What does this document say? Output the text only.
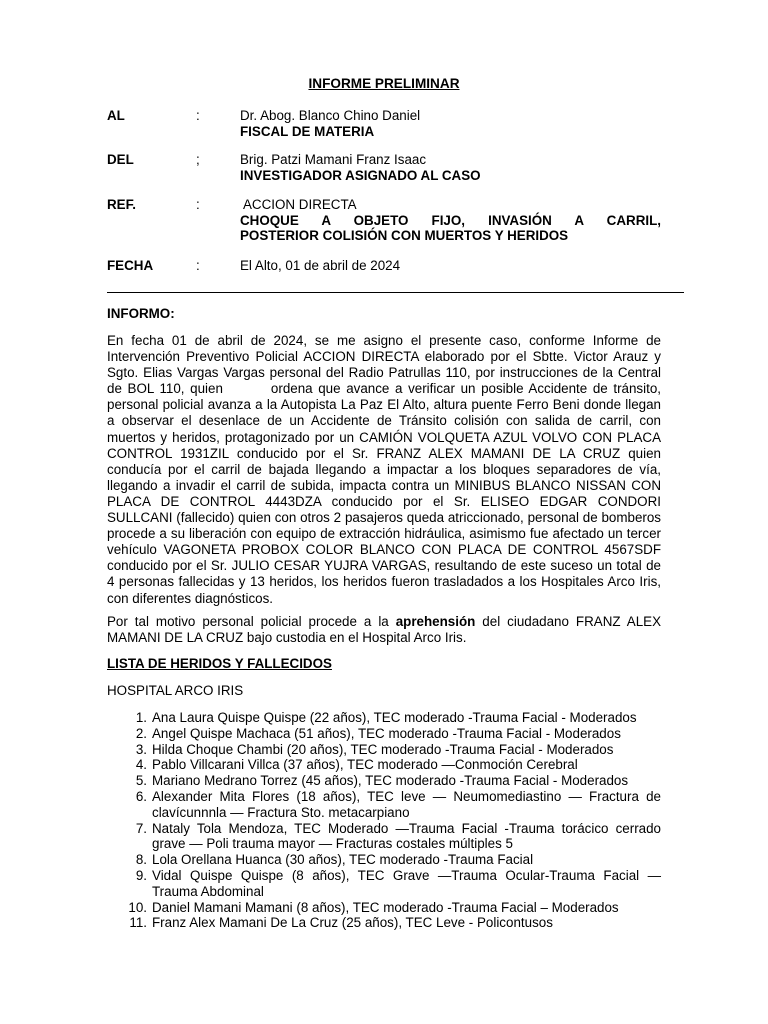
INFORME PRELIMINAR
AL	:	Dr. Abog. Blanco Chino Daniel
FISCAL DE MATERIA
DEL	;	Brig. Patzi Mamani Franz Isaac
INVESTIGADOR ASIGNADO AL CASO
REF.	:	ACCION DIRECTA
CHOQUE A OBJETO FIJO, INVASIÓN A CARRIL,
POSTERIOR COLISIÓN CON MUERTOS Y HERIDOS
FECHA	:	El Alto, 01 de abril de 2024
INFORMO:
En fecha 01 de abril de 2024, se me asigno el presente caso, conforme Informe de Intervención Preventivo Policial ACCION DIRECTA elaborado por el Sbtte. Victor Arauz y Sgto. Elias Vargas Vargas personal del Radio Patrullas 110, por instrucciones de la Central de BOL 110, quien	ordena que avance a verificar un posible Accidente de tránsito, personal policial avanza a la Autopista La Paz El Alto, altura puente Ferro Beni donde llegan a observar el desenlace de un Accidente de Tránsito colisión con salida de carril, con muertos y heridos, protagonizado por un CAMIÓN VOLQUETA AZUL VOLVO CON PLACA CONTROL 1931ZIL conducido por el Sr. FRANZ ALEX MAMANI DE LA CRUZ quien conducía por el carril de bajada llegando a impactar a los bloques separadores de vía, llegando a invadir el carril de subida, impacta contra un MINIBUS BLANCO NISSAN CON PLACA DE CONTROL 4443DZA conducido por el Sr. ELISEO EDGAR CONDORI SULLCANI (fallecido) quien con otros 2 pasajeros queda atriccionado, personal de bomberos procede a su liberación con equipo de extracción hidráulica, asimismo fue afectado un tercer vehículo VAGONETA PROBOX COLOR BLANCO CON PLACA DE CONTROL 4567SDF conducido por el Sr. JULIO CESAR YUJRA VARGAS, resultando de este suceso un total de 4 personas fallecidas y 13 heridos, los heridos fueron trasladados a los Hospitales Arco Iris, con diferentes diagnósticos.
Por tal motivo personal policial procede a la aprehensión del ciudadano FRANZ ALEX MAMANI DE LA CRUZ bajo custodia en el Hospital Arco Iris.
LISTA DE HERIDOS Y FALLECIDOS
HOSPITAL ARCO IRIS
1. Ana Laura Quispe Quispe (22 años), TEC moderado -Trauma Facial - Moderados
2. Angel Quispe Machaca (51 años), TEC moderado -Trauma Facial - Moderados
3. Hilda Choque Chambi (20 años), TEC moderado -Trauma Facial - Moderados
4. Pablo Villcarani Villca (37 años), TEC moderado —Conmoción Cerebral
5. Mariano Medrano Torrez (45 años), TEC moderado -Trauma Facial - Moderados
6. Alexander Mita Flores (18 años), TEC leve — Neumomediastino — Fractura de clavícunnnla — Fractura Sto. metacarpiano
7. Nataly Tola Mendoza, TEC Moderado —Trauma Facial -Trauma torácico cerrado grave — Poli trauma mayor — Fracturas costales múltiples 5
8. Lola Orellana Huanca (30 años), TEC moderado -Trauma Facial
9. Vidal Quispe Quispe (8 años), TEC Grave —Trauma Ocular-Trauma Facial — Trauma Abdominal
10. Daniel Mamani Mamani (8 años), TEC moderado -Trauma Facial – Moderados
11. Franz Alex Mamani De La Cruz (25 años), TEC Leve - Policontusos
